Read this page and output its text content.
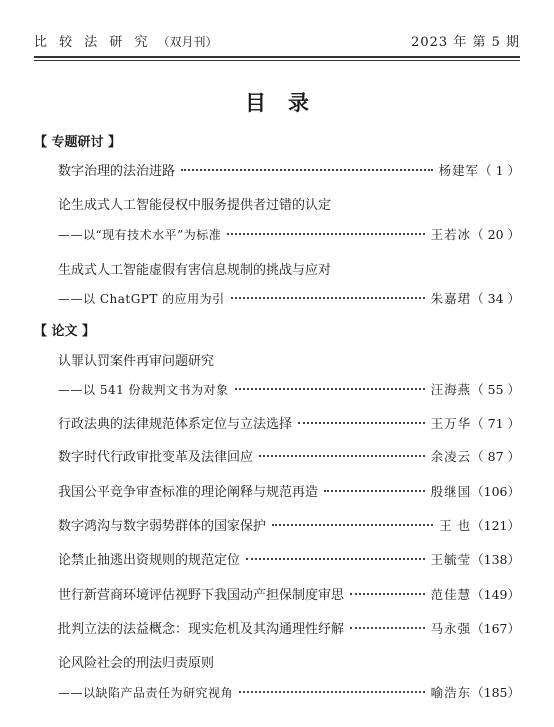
比 较 法 研 究 （双月刊）	2023 年 第 5 期
目录
【 专题研讨 】
数字治理的法治进路	杨建军 （ 1 ）
论生成式人工智能侵权中服务提供者过错的认定
——以“现有技术水平”为标准	王若冰 （ 20 ）
生成式人工智能虚假有害信息规制的挑战与应对
——以 ChatGPT 的应用为引	朱嘉珺 （ 34 ）
【 论文 】
认罪认罚案件再审问题研究
——以 541 份裁判文书为对象	汪海燕 （ 55 ）
行政法典的法律规范体系定位与立法选择	王万华 （ 71 ）
数字时代行政审批变革及法律回应	余凌云 （ 87 ）
我国公平竞争审查标准的理论阐释与规范再造	殷继国 （106）
数字鸿沟与数字弱势群体的国家保护	王 也 （121）
论禁止抽逃出资规则的规范定位	王毓莹 （138）
世行新营商环境评估视野下我国动产担保制度审思	范佳慧 （149）
批判立法的法益概念：现实危机及其沟通理性纾解	马永强 （167）
论风险社会的刑法归责原则
——以缺陷产品责任为研究视角	喻浩东 （185）
